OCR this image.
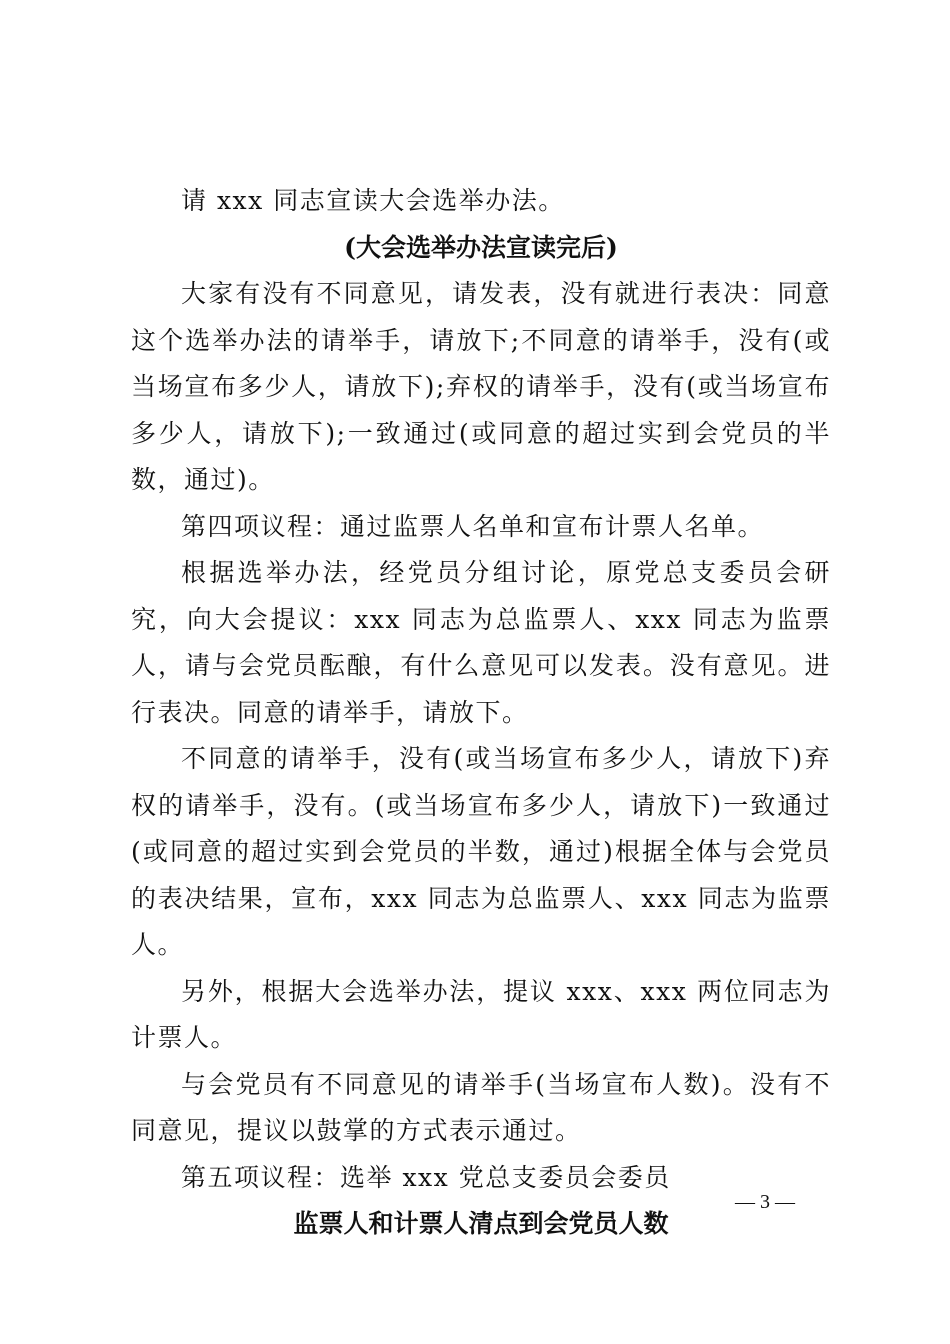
请 xxx 同志宣读大会选举办法。

(大会选举办法宣读完后)

大家有没有不同意见，请发表，没有就进行表决：同意这个选举办法的请举手，请放下;不同意的请举手，没有(或当场宣布多少人，请放下);弃权的请举手，没有(或当场宣布多少人，请放下);一致通过(或同意的超过实到会党员的半数，通过)。

第四项议程：通过监票人名单和宣布计票人名单。

根据选举办法，经党员分组讨论，原党总支委员会研究，向大会提议：xxx 同志为总监票人、xxx 同志为监票人，请与会党员酝酿，有什么意见可以发表。没有意见。进行表决。同意的请举手，请放下。

不同意的请举手，没有(或当场宣布多少人，请放下)弃权的请举手，没有。(或当场宣布多少人，请放下)一致通过(或同意的超过实到会党员的半数，通过)根据全体与会党员的表决结果，宣布，xxx 同志为总监票人、xxx 同志为监票人。

另外，根据大会选举办法，提议 xxx、xxx 两位同志为计票人。

与会党员有不同意见的请举手(当场宣布人数)。没有不同意见，提议以鼓掌的方式表示通过。

第五项议程：选举 xxx 党总支委员会委员

监票人和计票人清点到会党员人数

— 3 —
